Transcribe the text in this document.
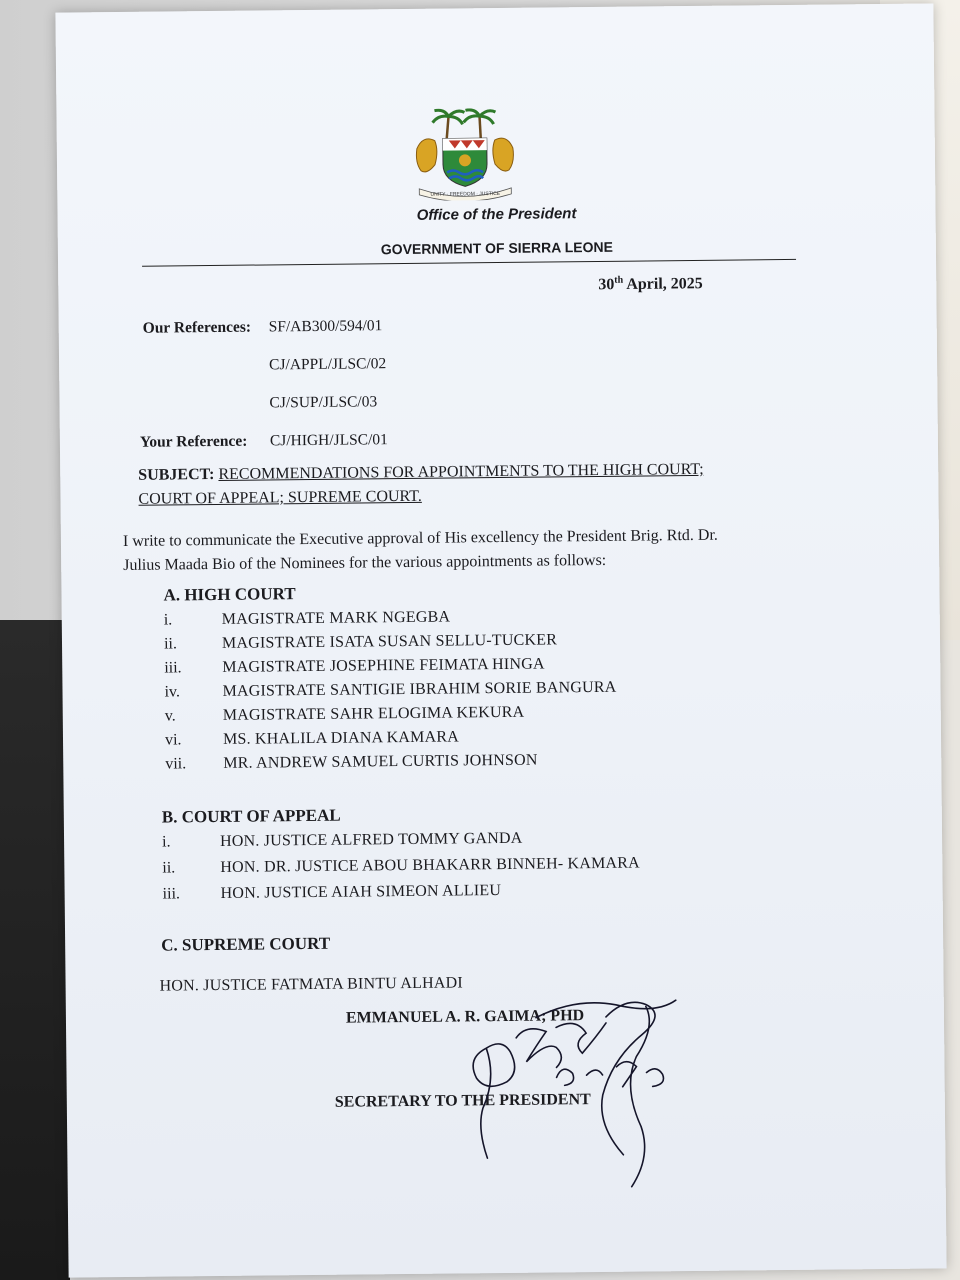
UNITY · FREEDOM · JUSTICE
Office of the President
GOVERNMENT OF SIERRA LEONE
30th April, 2025
Our References: SF/AB300/594/01
CJ/APPL/JLSC/02
CJ/SUP/JLSC/03
Your Reference: CJ/HIGH/JLSC/01
SUBJECT: RECOMMENDATIONS FOR APPOINTMENTS TO THE HIGH COURT;
COURT OF APPEAL; SUPREME COURT.
I write to communicate the Executive approval of His excellency the President Brig. Rtd. Dr.
Julius Maada Bio of the Nominees for the various appointments as follows:
A. HIGH COURT
i.	MAGISTRATE MARK NGEGBA
ii.	MAGISTRATE ISATA SUSAN SELLU-TUCKER
iii.	MAGISTRATE JOSEPHINE FEIMATA HINGA
iv.	MAGISTRATE SANTIGIE IBRAHIM SORIE BANGURA
v.	MAGISTRATE SAHR ELOGIMA KEKURA
vi.	MS. KHALILA DIANA KAMARA
vii. MR. ANDREW SAMUEL CURTIS JOHNSON
B. COURT OF APPEAL
i.	HON. JUSTICE ALFRED TOMMY GANDA
ii.	HON. DR. JUSTICE ABOU BHAKARR BINNEH- KAMARA
iii.	HON. JUSTICE AIAH SIMEON ALLIEU
C. SUPREME COURT
HON. JUSTICE FATMATA BINTU ALHADI
EMMANUEL A. R. GAIMA; PHD
SECRETARY TO THE PRESIDENT
